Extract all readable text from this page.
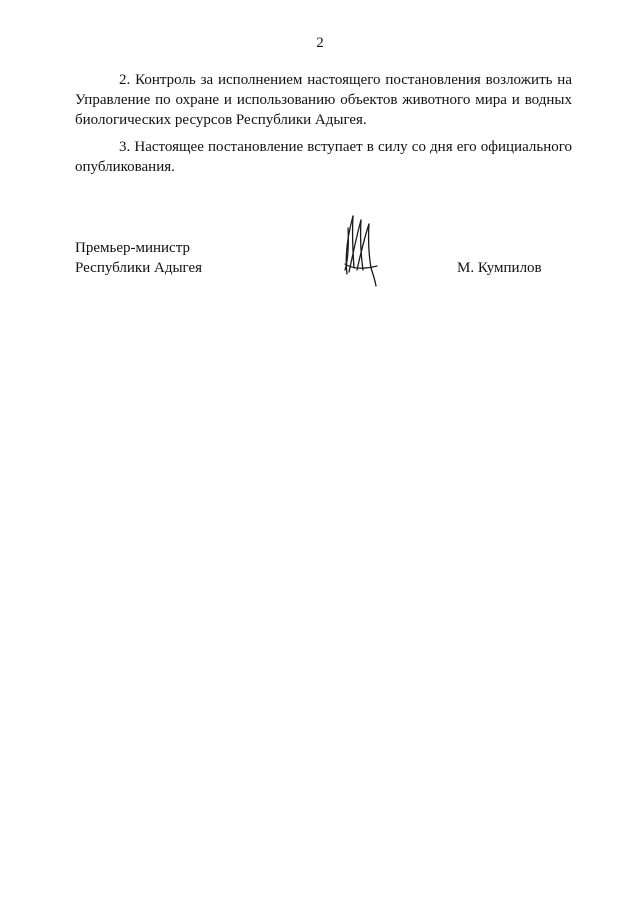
2

2. Контроль за исполнением настоящего постановления возложить на Управление по охране и использованию объектов животного мира и водных биологических ресурсов Республики Адыгея.

3. Настоящее постановление вступает в силу со дня его официального опубликования.

Премьер-министр
Республики Адыгея	М. Кумпилов
